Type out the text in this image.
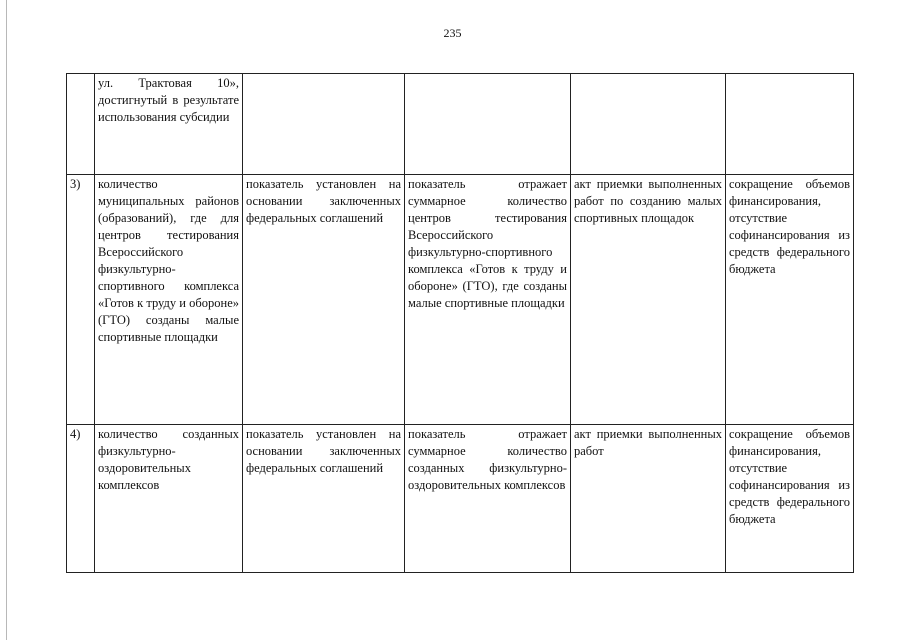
235
	ул. Трактовая 10», достигнутый в результате использования субсидии				
3)	количество муниципальных районов (образований), где для центров тестирования Всероссийского физкультурно-спортивного комплекса «Готов к труду и обороне» (ГТО) созданы малые спортивные площадки	показатель установлен на основании заключенных федеральных соглашений	показатель отражает суммарное количество центров тестирования Всероссийского физкультурно-спортивного комплекса «Готов к труду и обороне» (ГТО), где созданы малые спортивные площадки	акт приемки выполненных работ по созданию малых спортивных площадок	сокращение объемов финансирования, отсутствие софинансирования из средств федерального бюджета
4)	количество созданных физкультурно-оздоровительных комплексов	показатель установлен на основании заключенных федеральных соглашений	показатель отражает суммарное количество созданных физкультурно-оздоровительных комплексов	акт приемки выполненных работ	сокращение объемов финансирования, отсутствие софинансирования из средств федерального бюджета
